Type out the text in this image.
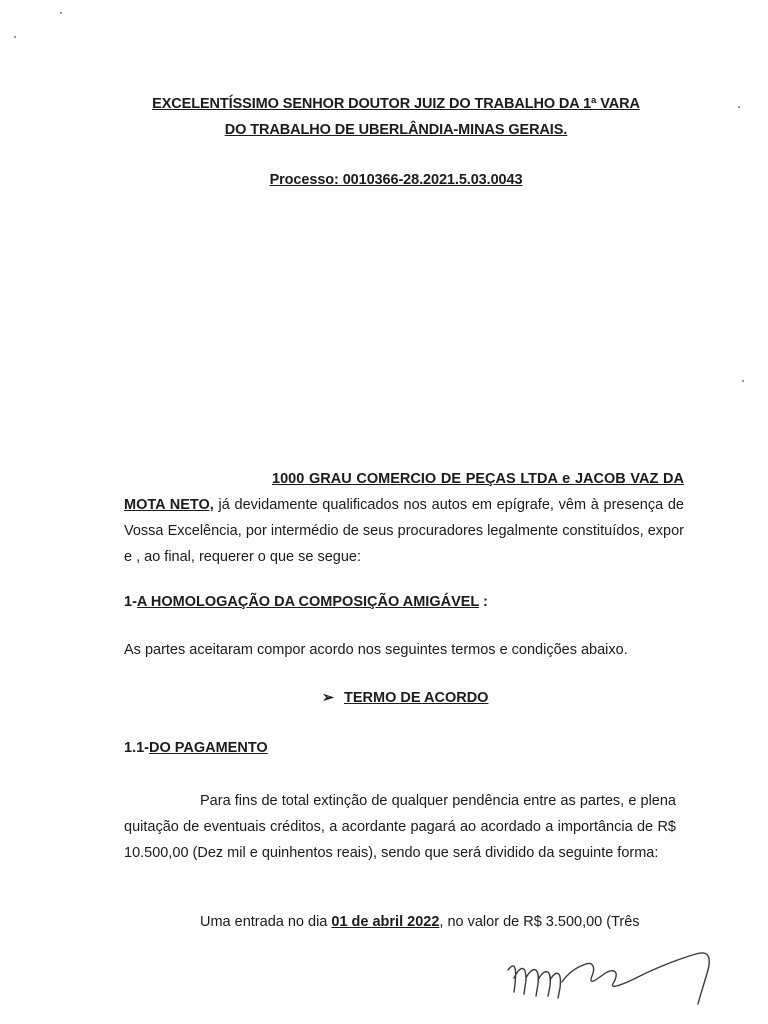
EXCELENTÍSSIMO SENHOR DOUTOR JUIZ DO TRABALHO DA 1ª VARA
DO TRABALHO DE UBERLÂNDIA-MINAS GERAIS.
Processo: 0010366-28.2021.5.03.0043
1000 GRAU COMERCIO DE PEÇAS LTDA e JACOB VAZ DA MOTA NETO, já devidamente qualificados nos autos em epígrafe, vêm à presença de Vossa Excelência, por intermédio de seus procuradores legalmente constituídos, expor e , ao final, requerer o que se segue:
1-A HOMOLOGAÇÃO DA COMPOSIÇÃO AMIGÁVEL :
As partes aceitaram compor acordo nos seguintes termos e condições abaixo.
➢ TERMO DE ACORDO
1.1-DO PAGAMENTO
Para fins de total extinção de qualquer pendência entre as partes, e plena quitação de eventuais créditos, a acordante pagará ao acordado a importância de R$ 10.500,00 (Dez mil e quinhentos reais), sendo que será dividido da seguinte forma:
Uma entrada no dia 01 de abril 2022, no valor de R$ 3.500,00 (Três
